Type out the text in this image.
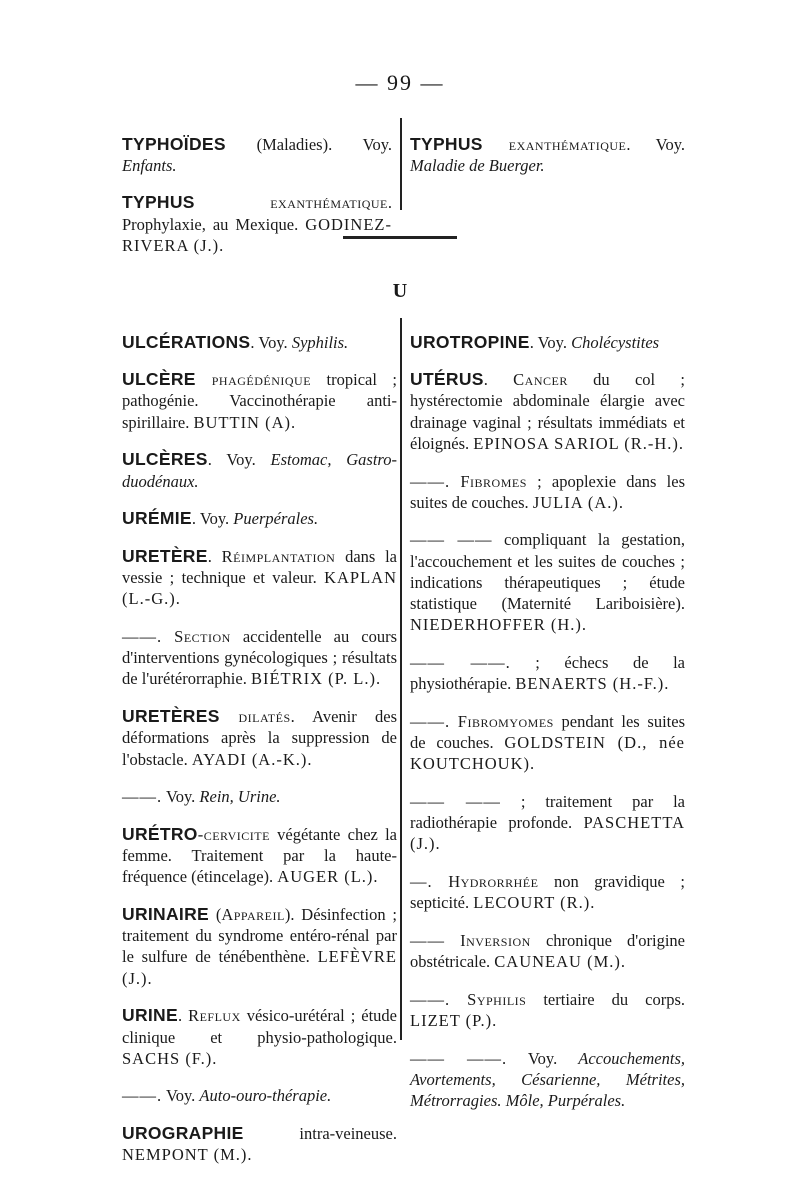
— 99 —

TYPHOÏDES (Maladies). Voy. Enfants.

TYPHUS exanthématique. Prophylaxie, au Mexique. GODINEZ-RIVERA (J.).

TYPHUS exanthématique. Voy. Maladie de Buerger.

U

ULCÉRATIONS. Voy. Syphilis.

ULCÈRE phagédénique tropical ; pathogénie. Vaccinothérapie anti-spirillaire. BUTTIN (A).

ULCÈRES. Voy. Estomac, Gastro-duodénaux.

URÉMIE. Voy. Puerpérales.

URETÈRE. Réimplantation dans la vessie ; technique et valeur. KAPLAN (L.-G.).

——. Section accidentelle au cours d'interventions gynécologiques ; résultats de l'urétérorraphie. BIÉTRIX (P. L.).

URETÈRES dilatés. Avenir des déformations après la suppression de l'obstacle. AYADI (A.-K.).

——. Voy. Rein, Urine.

URÉTRO-cervicite végétante chez la femme. Traitement par la haute-fréquence (étincelage). AUGER (L.).

URINAIRE (Appareil). Désinfection ; traitement du syndrome entéro-rénal par le sulfure de ténébenthène. LEFÈVRE (J.).

URINE. Reflux vésico-urétéral ; étude clinique et physio-pathologique. SACHS (F.).

——. Voy. Auto-ouro-thérapie.

UROGRAPHIE intra-veineuse. NEMPONT (M.).

UROTROPINE. Voy. Cholécystites

UTÉRUS. Cancer du col ; hystérectomie abdominale élargie avec drainage vaginal ; résultats immédiats et éloignés. EPINOSA SARIOL (R.-H.).

——. Fibromes ; apoplexie dans les suites de couches. JULIA (A.).

—— —— compliquant la gestation, l'accouchement et les suites de couches ; indications thérapeutiques ; étude statistique (Maternité Lariboisière). NIEDERHOFFER (H.).

—— ——. ; échecs de la physiothérapie. BENAERTS (H.-F.).

——. Fibromyomes pendant les suites de couches. GOLDSTEIN (D., née KOUTCHOUK).

—— —— ; traitement par la radiothérapie profonde. PASCHETTA (J.).

—. Hydrorrhée non gravidique ; septicité. LECOURT (R.).

—— Inversion chronique d'origine obstétricale. CAUNEAU (M.).

——. Syphilis tertiaire du corps. LIZET (P.).

—— ——. Voy. Accouchements, Avortements, Césarienne, Métrites, Métrorragies. Môle, Purpérales.
